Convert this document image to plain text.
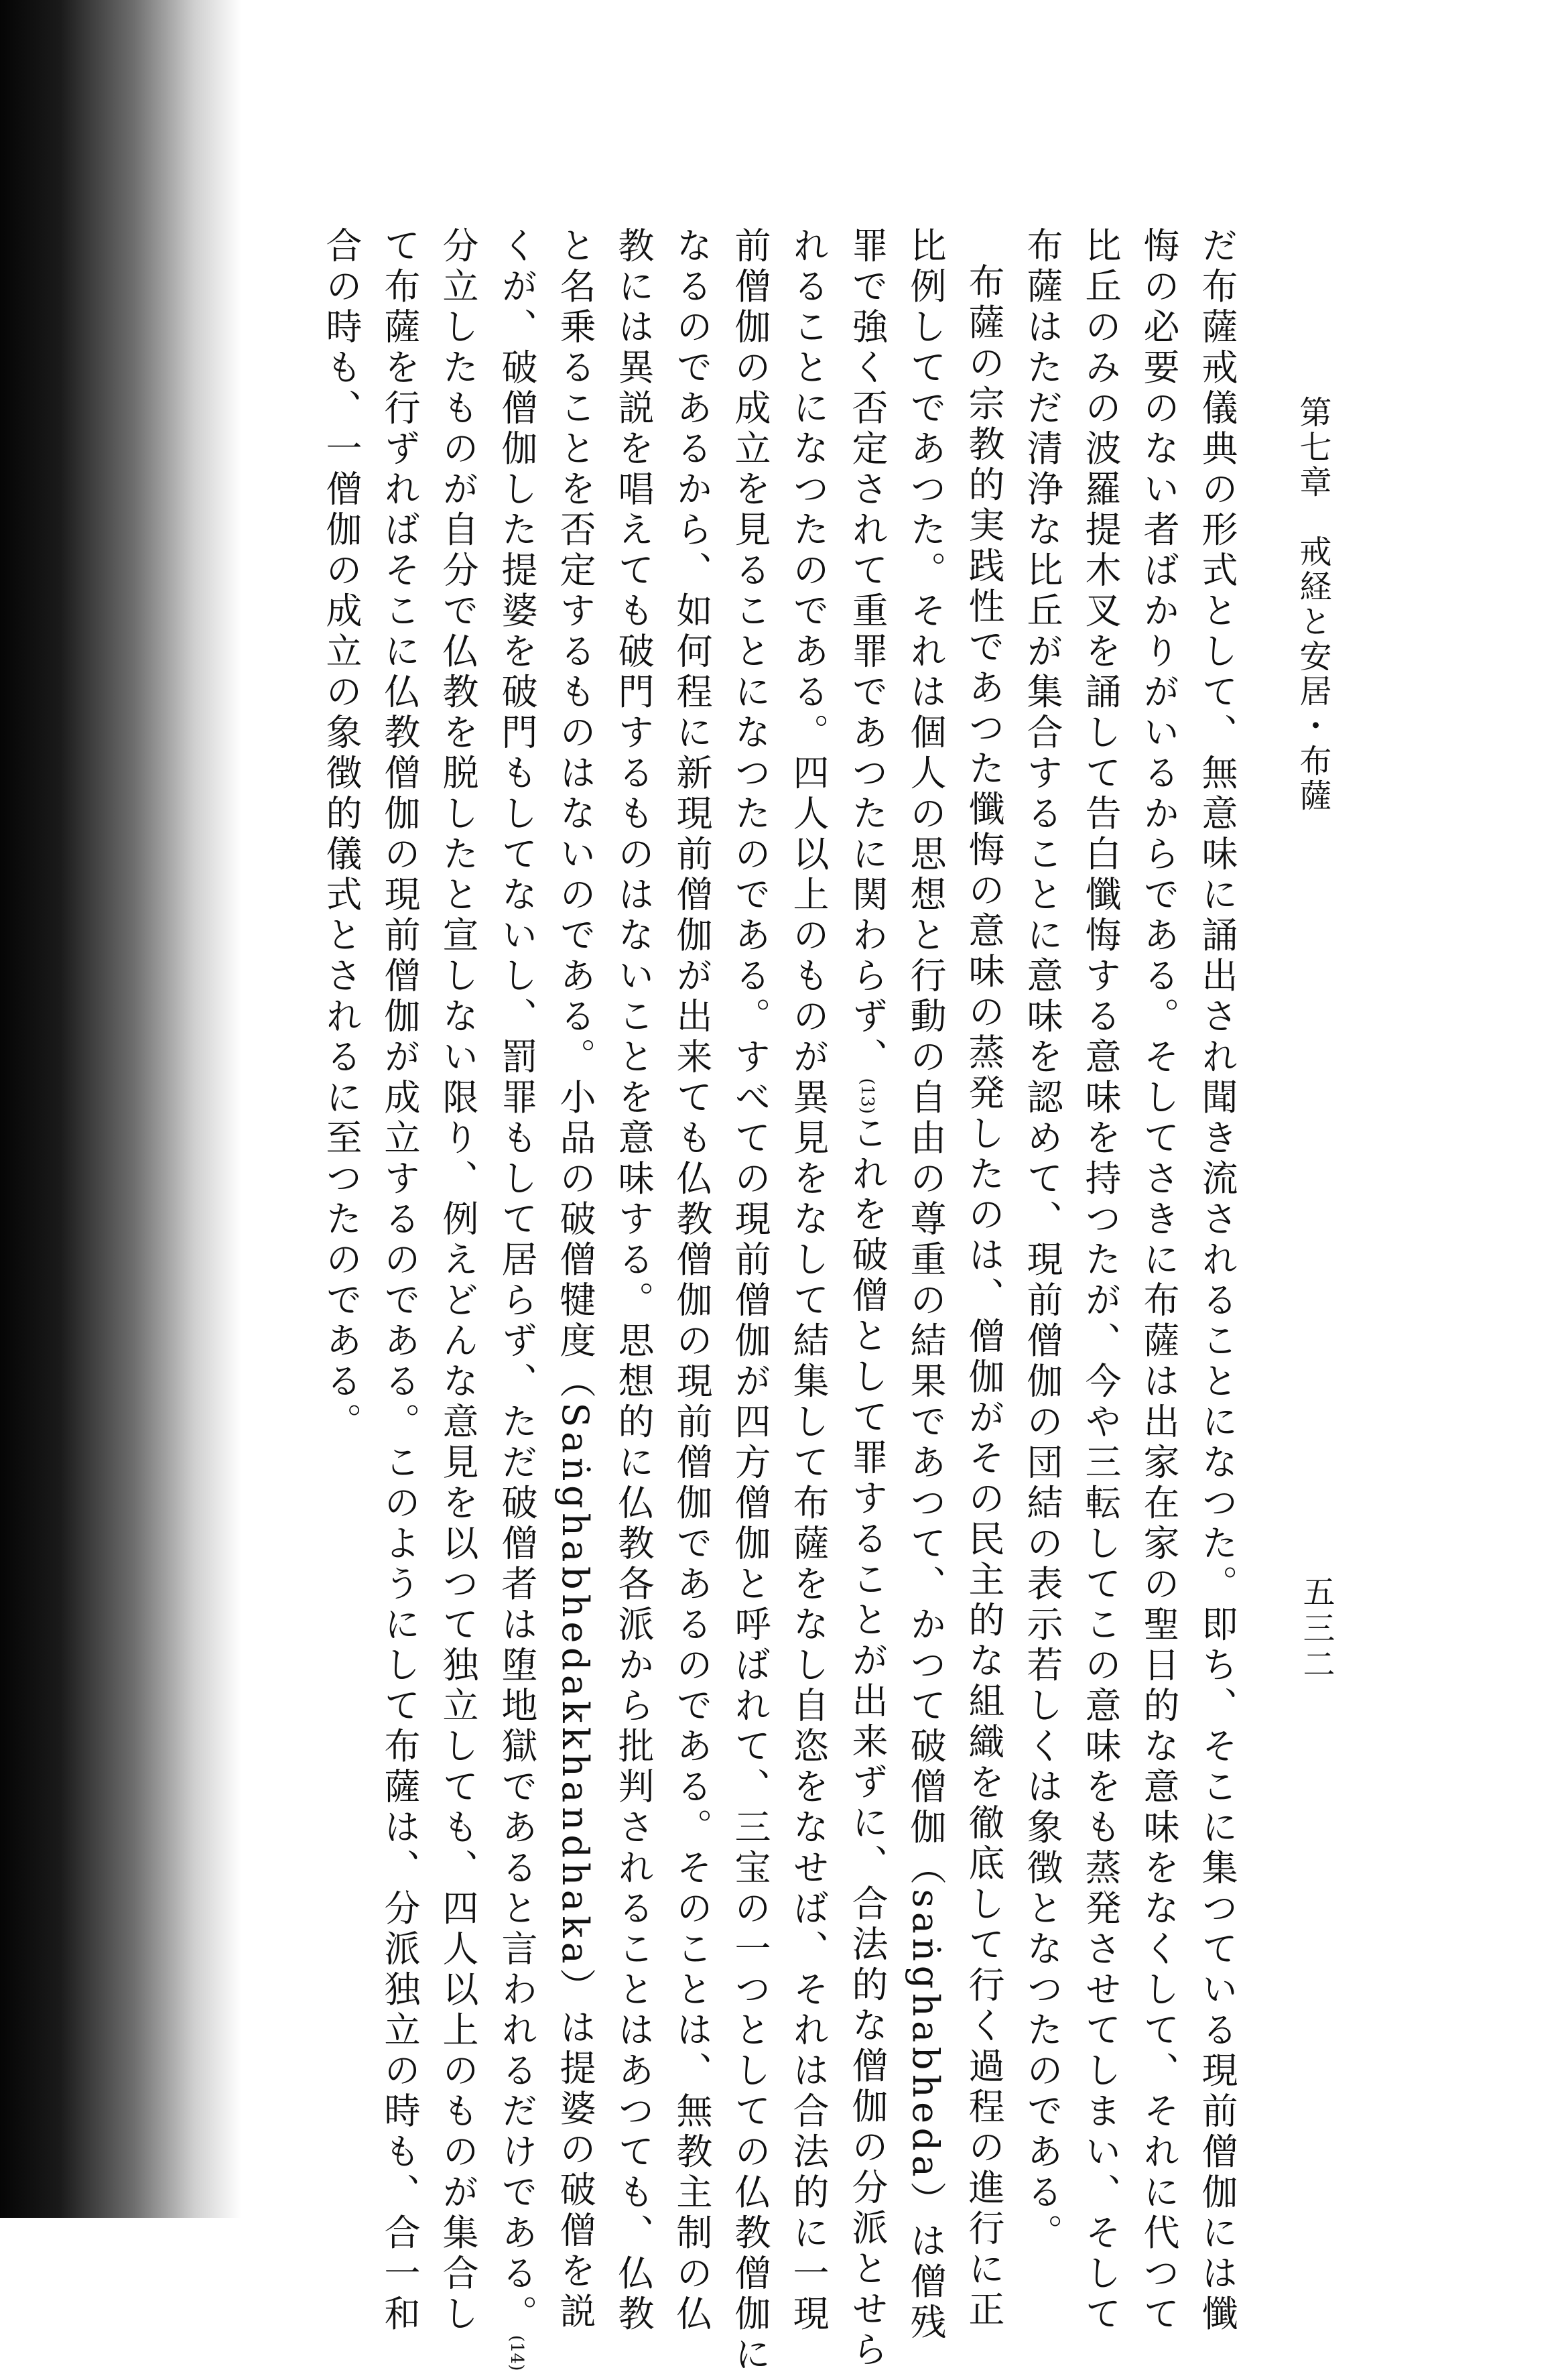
第七章　戒経と安居・布薩
五三二
だ布薩戒儀典の形式として、無意味に誦出され聞き流されることになつた。即ち、そこに集つている現前僧伽には懺
悔の必要のない者ばかりがいるからである。そしてさきに布薩は出家在家の聖日的な意味をなくして、それに代つて
比丘のみの波羅提木叉を誦して告白懺悔する意味を持つたが、今や三転してこの意味をも蒸発させてしまい、そして
布薩はただ清浄な比丘が集合することに意味を認めて、現前僧伽の団結の表示若しくは象徴となつたのである。
布薩の宗教的実践性であつた懺悔の意味の蒸発したのは、僧伽がその民主的な組織を徹底して行く過程の進行に正
比例してであつた。それは個人の思想と行動の自由の尊重の結果であつて、かつて破僧伽（saṅghabheda）は僧残
罪で強く否定されて重罪であつたに関わらず、(13)これを破僧として罪することが出来ずに、合法的な僧伽の分派とせら
れることになつたのである。四人以上のものが異見をなして結集して布薩をなし自恣をなせば、それは合法的に一現
前僧伽の成立を見ることになつたのである。すべての現前僧伽が四方僧伽と呼ばれて、三宝の一つとしての仏教僧伽に
なるのであるから、如何程に新現前僧伽が出来ても仏教僧伽の現前僧伽であるのである。そのことは、無教主制の仏
教には異説を唱えても破門するものはないことを意味する。思想的に仏教各派から批判されることはあつても、仏教
と名乗ることを否定するものはないのである。小品の破僧犍度（Saṅghabhedakkhandhaka）は提婆の破僧を説
くが、破僧伽した提婆を破門もしてないし、罰罪もして居らず、ただ破僧者は堕地獄であると言われるだけである。(14)
分立したものが自分で仏教を脱したと宣しない限り、例えどんな意見を以つて独立しても、四人以上のものが集合し
て布薩を行ずればそこに仏教僧伽の現前僧伽が成立するのである。このようにして布薩は、分派独立の時も、合一和
合の時も、一僧伽の成立の象徴的儀式とされるに至つたのである。
